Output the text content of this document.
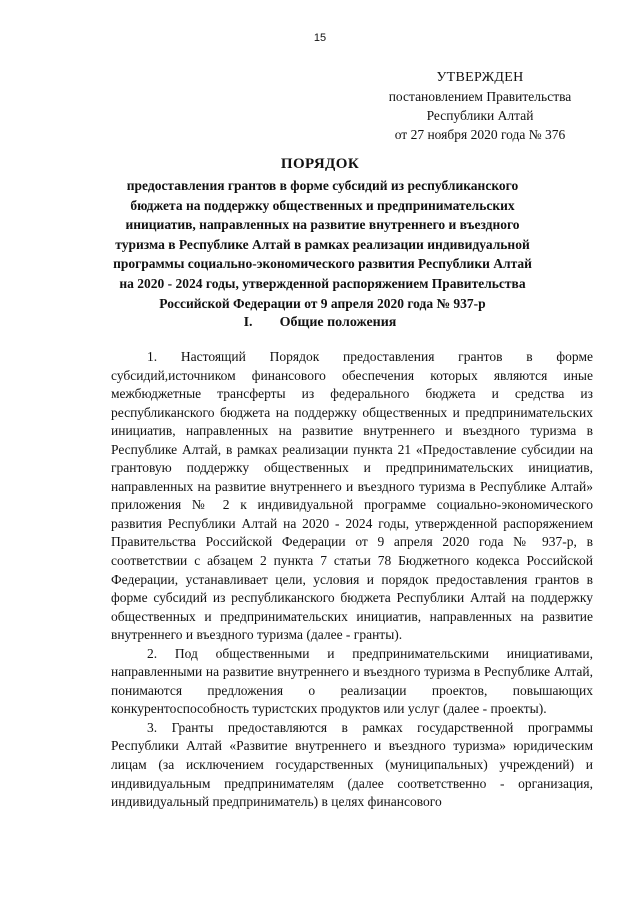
15
УТВЕРЖДЕН
постановлением Правительства
Республики Алтай
от 27 ноября 2020 года № 376
ПОРЯДОК
предоставления грантов в форме субсидий из республиканского бюджета на поддержку общественных и предпринимательских инициатив, направленных на развитие внутреннего и въездного туризма в Республике Алтай в рамках реализации индивидуальной программы социально-экономического развития Республики Алтай на 2020 - 2024 годы, утвержденной распоряжением Правительства Российской Федерации от 9 апреля 2020 года № 937-р
I. Общие положения

1. Настоящий Порядок предоставления грантов в форме субсидий,источником финансового обеспечения которых являются иные межбюджетные трансферты из федерального бюджета и средства из республиканского бюджета на поддержку общественных и предпринимательских инициатив, направленных на развитие внутреннего и въездного туризма в Республике Алтай, в рамках реализации пункта 21 «Предоставление субсидии на грантовую поддержку общественных и предпринимательских инициатив, направленных на развитие внутреннего и въездного туризма в Республике Алтай» приложения № 2 к индивидуальной программе социально-экономического развития Республики Алтай на 2020 - 2024 годы, утвержденной распоряжением Правительства Российской Федерации от 9 апреля 2020 года № 937-р, в соответствии с абзацем 2 пункта 7 статьи 78 Бюджетного кодекса Российской Федерации, устанавливает цели, условия и порядок предоставления грантов в форме субсидий из республиканского бюджета Республики Алтай на поддержку общественных и предпринимательских инициатив, направленных на развитие внутреннего и въездного туризма (далее - гранты).

2. Под общественными и предпринимательскими инициативами, направленными на развитие внутреннего и въездного туризма в Республике Алтай, понимаются предложения о реализации проектов, повышающих конкурентоспособность туристских продуктов или услуг (далее - проекты).

3. Гранты предоставляются в рамках государственной программы Республики Алтай «Развитие внутреннего и въездного туризма» юридическим лицам (за исключением государственных (муниципальных) учреждений) и индивидуальным предпринимателям (далее соответственно - организация, индивидуальный предприниматель) в целях финансового
